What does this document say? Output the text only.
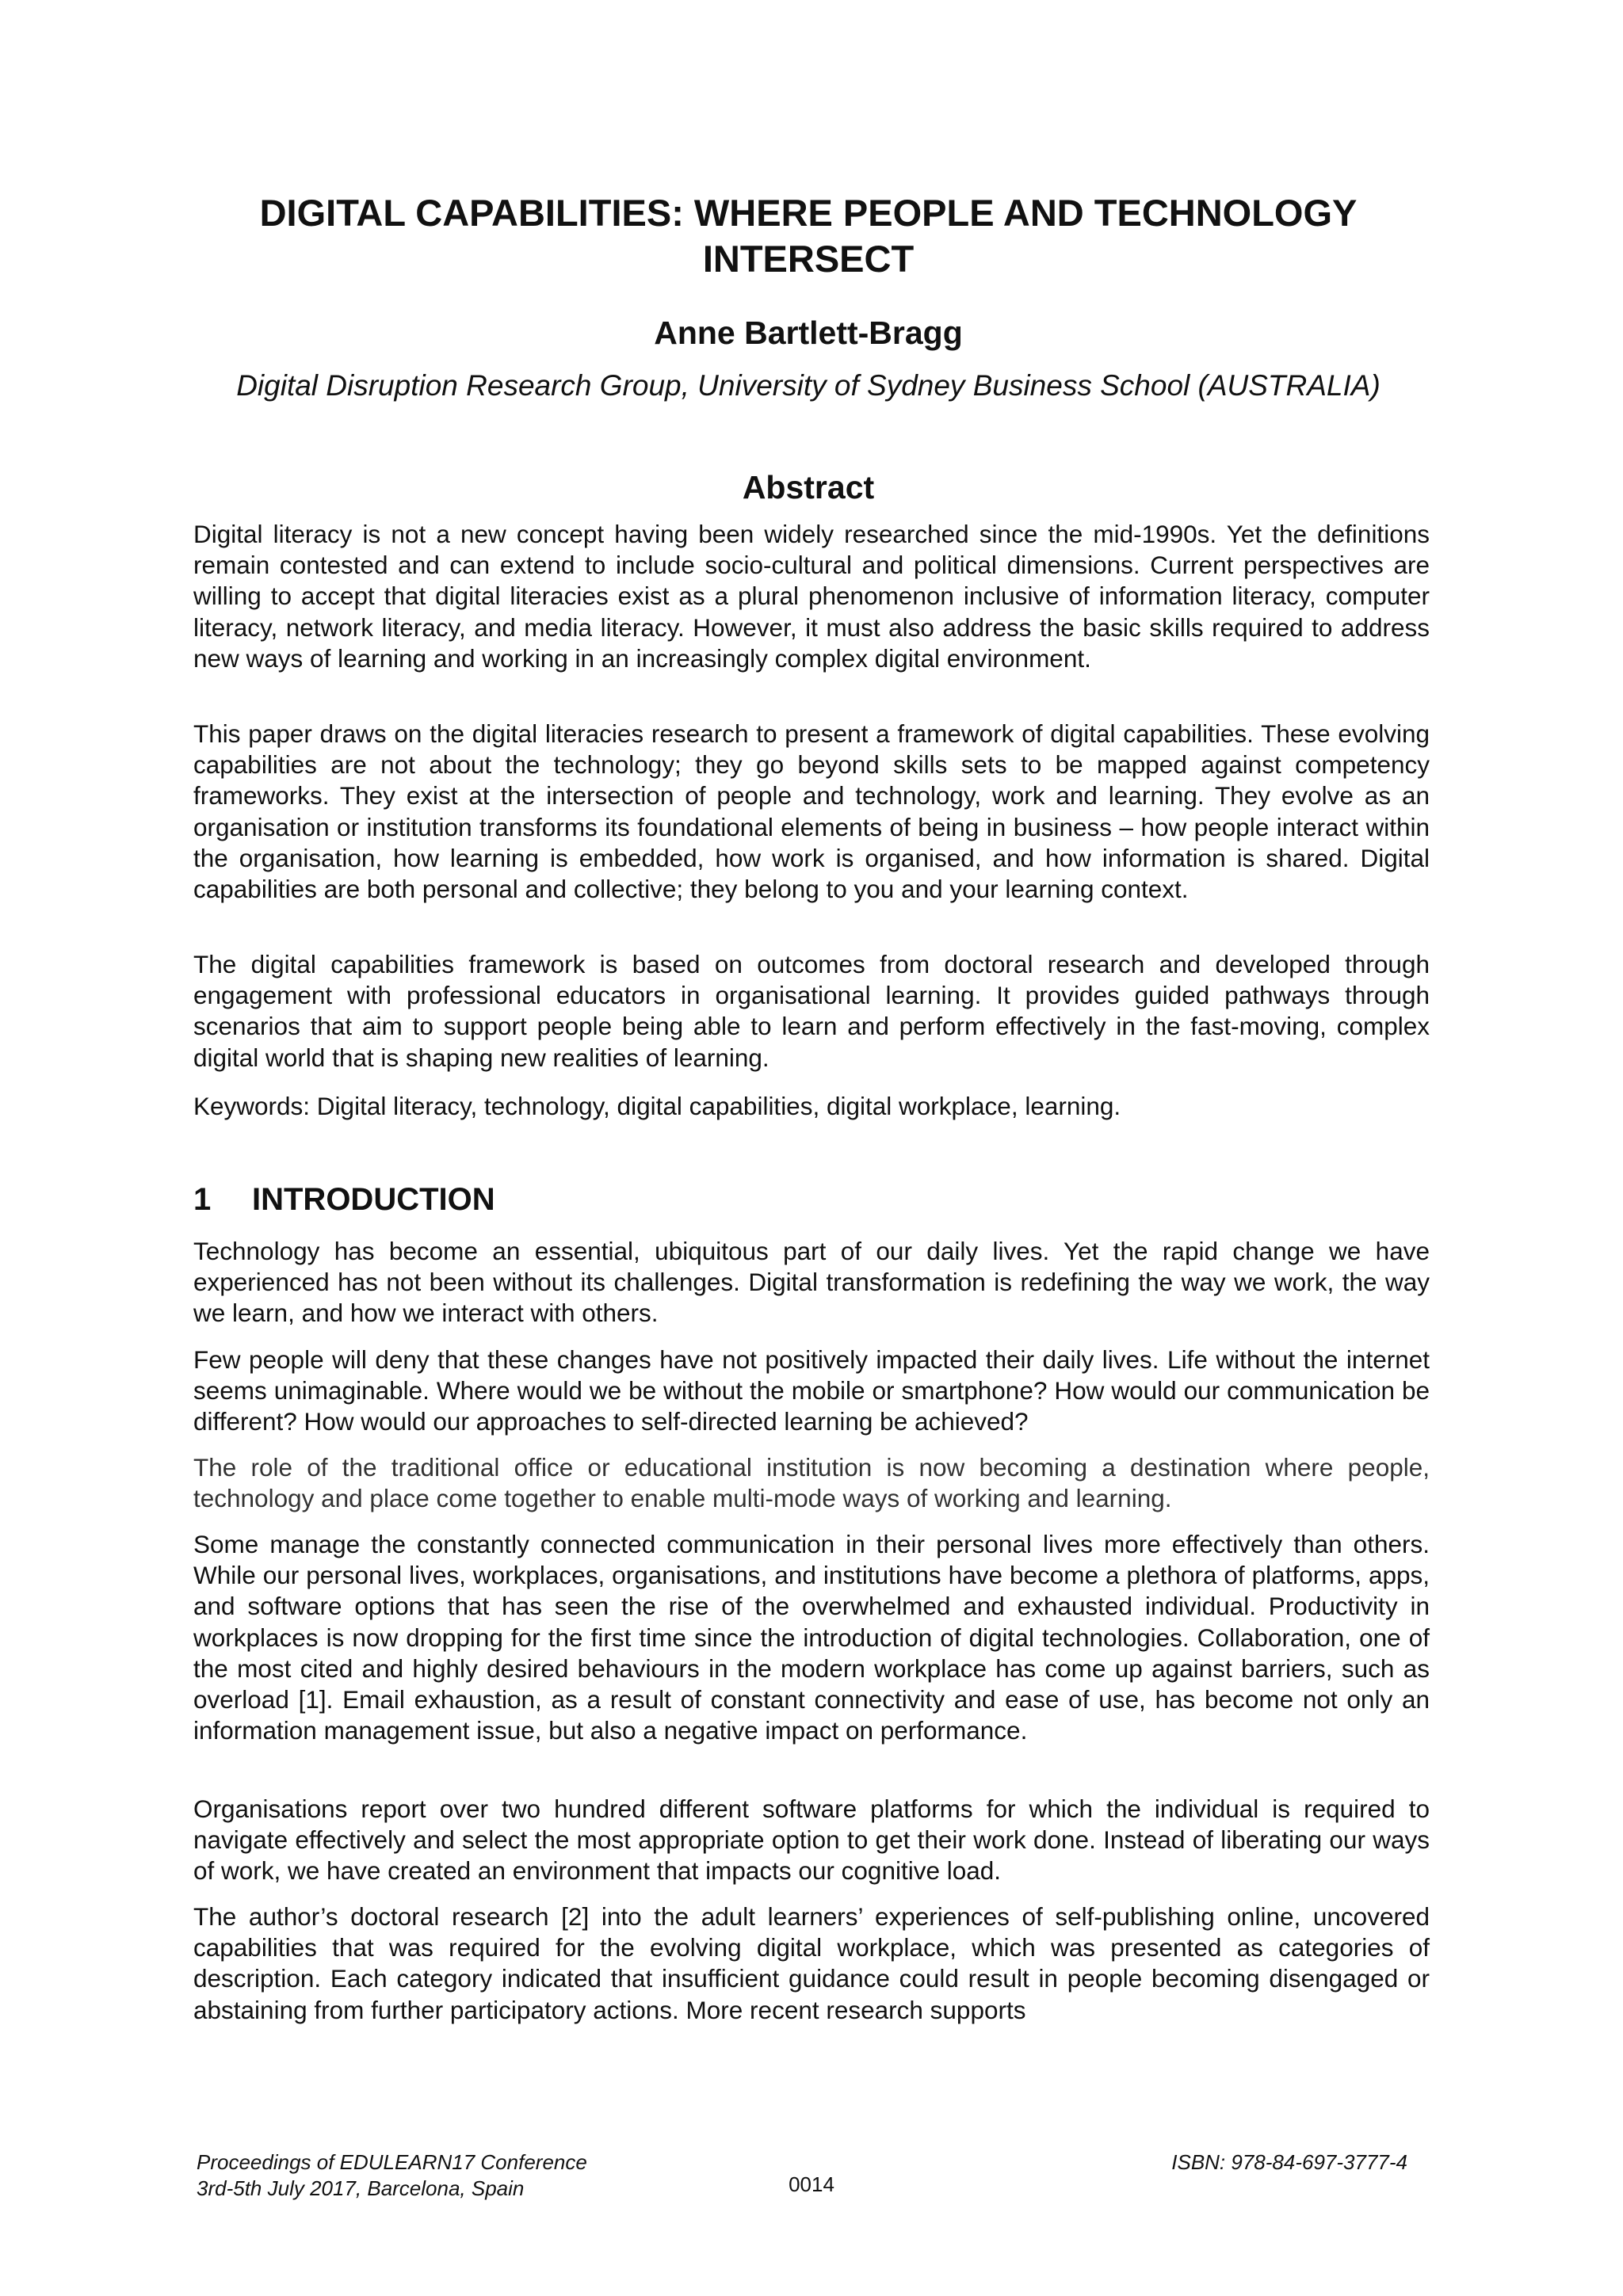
DIGITAL CAPABILITIES: WHERE PEOPLE AND TECHNOLOGY INTERSECT

Anne Bartlett-Bragg

Digital Disruption Research Group, University of Sydney Business School (AUSTRALIA)

Abstract

Digital literacy is not a new concept having been widely researched since the mid-1990s. Yet the definitions remain contested and can extend to include socio-cultural and political dimensions. Current perspectives are willing to accept that digital literacies exist as a plural phenomenon inclusive of information literacy, computer literacy, network literacy, and media literacy. However, it must also address the basic skills required to address new ways of learning and working in an increasingly complex digital environment.

This paper draws on the digital literacies research to present a framework of digital capabilities. These evolving capabilities are not about the technology; they go beyond skills sets to be mapped against competency frameworks. They exist at the intersection of people and technology, work and learning. They evolve as an organisation or institution transforms its foundational elements of being in business – how people interact within the organisation, how learning is embedded, how work is organised, and how information is shared. Digital capabilities are both personal and collective; they belong to you and your learning context.

The digital capabilities framework is based on outcomes from doctoral research and developed through engagement with professional educators in organisational learning. It provides guided pathways through scenarios that aim to support people being able to learn and perform effectively in the fast-moving, complex digital world that is shaping new realities of learning.

Keywords: Digital literacy, technology, digital capabilities, digital workplace, learning.

1 INTRODUCTION

Technology has become an essential, ubiquitous part of our daily lives. Yet the rapid change we have experienced has not been without its challenges. Digital transformation is redefining the way we work, the way we learn, and how we interact with others.

Few people will deny that these changes have not positively impacted their daily lives. Life without the internet seems unimaginable. Where would we be without the mobile or smartphone? How would our communication be different? How would our approaches to self-directed learning be achieved?

The role of the traditional office or educational institution is now becoming a destination where people, technology and place come together to enable multi-mode ways of working and learning.

Some manage the constantly connected communication in their personal lives more effectively than others. While our personal lives, workplaces, organisations, and institutions have become a plethora of platforms, apps, and software options that has seen the rise of the overwhelmed and exhausted individual. Productivity in workplaces is now dropping for the first time since the introduction of digital technologies. Collaboration, one of the most cited and highly desired behaviours in the modern workplace has come up against barriers, such as overload [1]. Email exhaustion, as a result of constant connectivity and ease of use, has become not only an information management issue, but also a negative impact on performance.

Organisations report over two hundred different software platforms for which the individual is required to navigate effectively and select the most appropriate option to get their work done. Instead of liberating our ways of work, we have created an environment that impacts our cognitive load.

The author’s doctoral research [2] into the adult learners’ experiences of self-publishing online, uncovered capabilities that was required for the evolving digital workplace, which was presented as categories of description. Each category indicated that insufficient guidance could result in people becoming disengaged or abstaining from further participatory actions. More recent research supports

Proceedings of EDULEARN17 Conference
3rd-5th July 2017, Barcelona, Spain
ISBN: 978-84-697-3777-4
0014
